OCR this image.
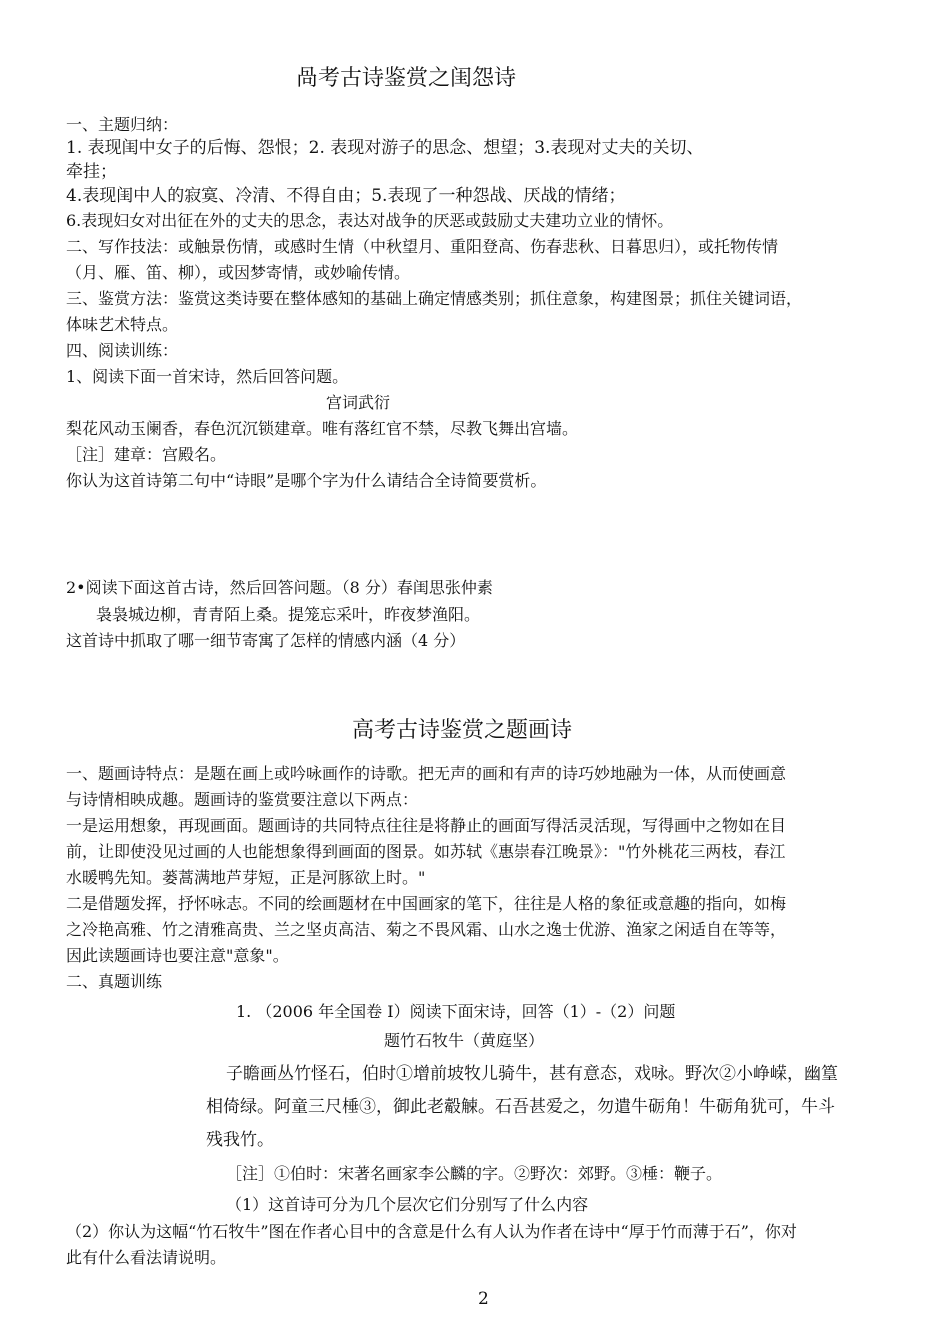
咼考古诗鉴赏之闺怨诗
一、主题归纳：
1. 表现闺中女子的后悔、怨恨；2. 表现对游子的思念、想望；3.表现对丈夫的关切、
牵挂；
4.表现闺中人的寂寞、冷清、不得自由；5.表现了一种怨战、厌战的情绪；
6.表现妇女对出征在外的丈夫的思念，表达对战争的厌恶或鼓励丈夫建功立业的情怀。
二、写作技法：或触景伤情，或感时生情（中秋望月、重阳登高、伤春悲秋、日暮思归），或托物传情
（月、雁、笛、柳），或因梦寄情，或妙喻传情。
三、鉴赏方法：鉴赏这类诗要在整体感知的基础上确定情感类别；抓住意象，构建图景；抓住关键词语，
体味艺术特点。
四、阅读训练：
1、阅读下面一首宋诗，然后回答问题。
宫词武衍
梨花风动玉阑香，春色沉沉锁建章。唯有落红官不禁，尽教飞舞出宫墙。
［注］建章：宫殿名。
你认为这首诗第二句中“诗眼”是哪个字为什么请结合全诗简要赏析。
2•阅读下面这首古诗，然后回答问题。（8 分）春闺思张仲素
袅袅城边柳，青青陌上桑。提笼忘采叶，昨夜梦渔阳。
这首诗中抓取了哪一细节寄寓了怎样的情感内涵（4 分）
高考古诗鉴赏之题画诗
一、题画诗特点：是题在画上或吟咏画作的诗歌。把无声的画和有声的诗巧妙地融为一体，从而使画意
与诗情相映成趣。题画诗的鉴赏要注意以下两点：
一是运用想象，再现画面。题画诗的共同特点往往是将静止的画面写得活灵活现，写得画中之物如在目
前，让即使没见过画的人也能想象得到画面的图景。如苏轼《惠崇春江晚景》："竹外桃花三两枝，春江
水暖鸭先知。蒌蒿满地芦芽短，正是河豚欲上时。"
二是借题发挥，抒怀咏志。不同的绘画题材在中国画家的笔下，往往是人格的象征或意趣的指向，如梅
之冷艳高雅、竹之清雅高贵、兰之坚贞高洁、菊之不畏风霜、山水之逸士优游、渔家之闲适自在等等，
因此读题画诗也要注意"意象"。
二、真题训练
1. （2006 年全国卷 I）阅读下面宋诗，回答（1）-（2）问题
题竹石牧牛（黄庭坚）
子瞻画丛竹怪石，伯时①增前坡牧儿骑牛，甚有意态，戏咏。野次②小峥嵘，幽篁
相倚绿。阿童三尺棰③，御此老觳觫。石吾甚爱之，勿遣牛砺角！牛砺角犹可，牛斗
残我竹。
［注］①伯时：宋著名画家李公麟的字。②野次：郊野。③棰：鞭子。
（1）这首诗可分为几个层次它们分别写了什么内容
（2）你认为这幅“竹石牧牛”图在作者心目中的含意是什么有人认为作者在诗中“厚于竹而薄于石”，你对
此有什么看法请说明。
2
